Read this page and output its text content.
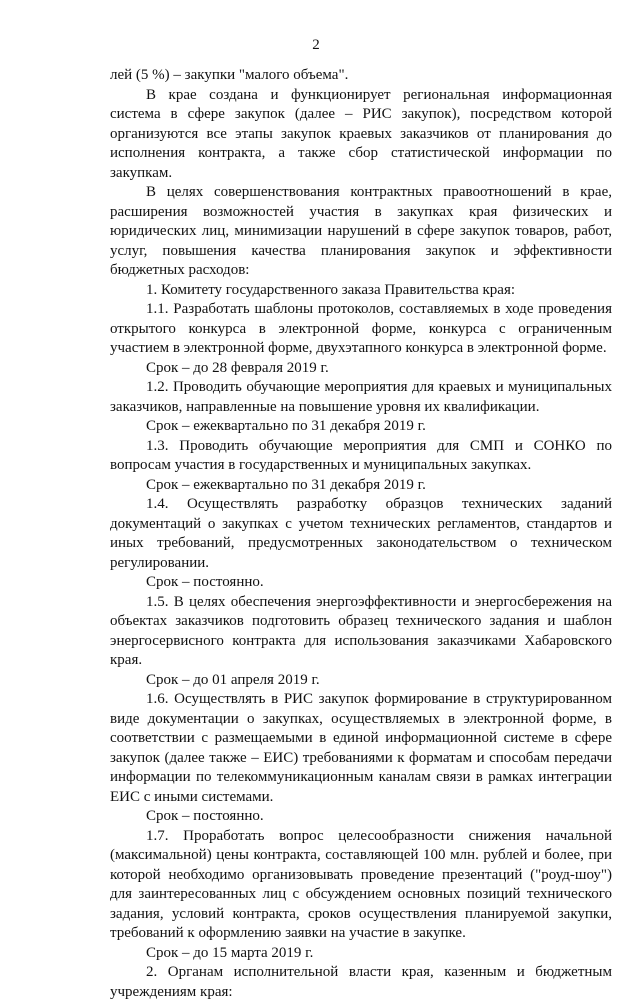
2

лей (5 %) – закупки "малого объема".

В крае создана и функционирует региональная информационная система в сфере закупок (далее – РИС закупок), посредством которой организуются все этапы закупок краевых заказчиков от планирования до исполнения контракта, а также сбор статистической информации по закупкам.

В целях совершенствования контрактных правоотношений в крае, расширения возможностей участия в закупках края физических и юридических лиц, минимизации нарушений в сфере закупок товаров, работ, услуг, повышения качества планирования закупок и эффективности бюджетных расходов:

1. Комитету государственного заказа Правительства края:

1.1. Разработать шаблоны протоколов, составляемых в ходе проведения открытого конкурса в электронной форме, конкурса с ограниченным участием в электронной форме, двухэтапного конкурса в электронной форме.

Срок – до 28 февраля 2019 г.

1.2. Проводить обучающие мероприятия для краевых и муниципальных заказчиков, направленные на повышение уровня их квалификации.

Срок – ежеквартально по 31 декабря 2019 г.

1.3. Проводить обучающие мероприятия для СМП и СОНКО по вопросам участия в государственных и муниципальных закупках.

Срок – ежеквартально по 31 декабря 2019 г.

1.4. Осуществлять разработку образцов технических заданий документаций о закупках с учетом технических регламентов, стандартов и иных требований, предусмотренных законодательством о техническом регулировании.

Срок – постоянно.

1.5. В целях обеспечения энергоэффективности и энергосбережения на объектах заказчиков подготовить образец технического задания и шаблон энергосервисного контракта для использования заказчиками Хабаровского края.

Срок – до 01 апреля 2019 г.

1.6. Осуществлять в РИС закупок формирование в структурированном виде документации о закупках, осуществляемых в электронной форме, в соответствии с размещаемыми в единой информационной системе в сфере закупок (далее также – ЕИС) требованиями к форматам и способам передачи информации по телекоммуникационным каналам связи в рамках интеграции ЕИС с иными системами.

Срок – постоянно.

1.7. Проработать вопрос целесообразности снижения начальной (максимальной) цены контракта, составляющей 100 млн. рублей и более, при которой необходимо организовывать проведение презентаций ("роуд-шоу") для заинтересованных лиц с обсуждением основных позиций технического задания, условий контракта, сроков осуществления планируемой закупки, требований к оформлению заявки на участие в закупке.

Срок – до 15 марта 2019 г.

2. Органам исполнительной власти края, казенным и бюджетным учреждениям края:
